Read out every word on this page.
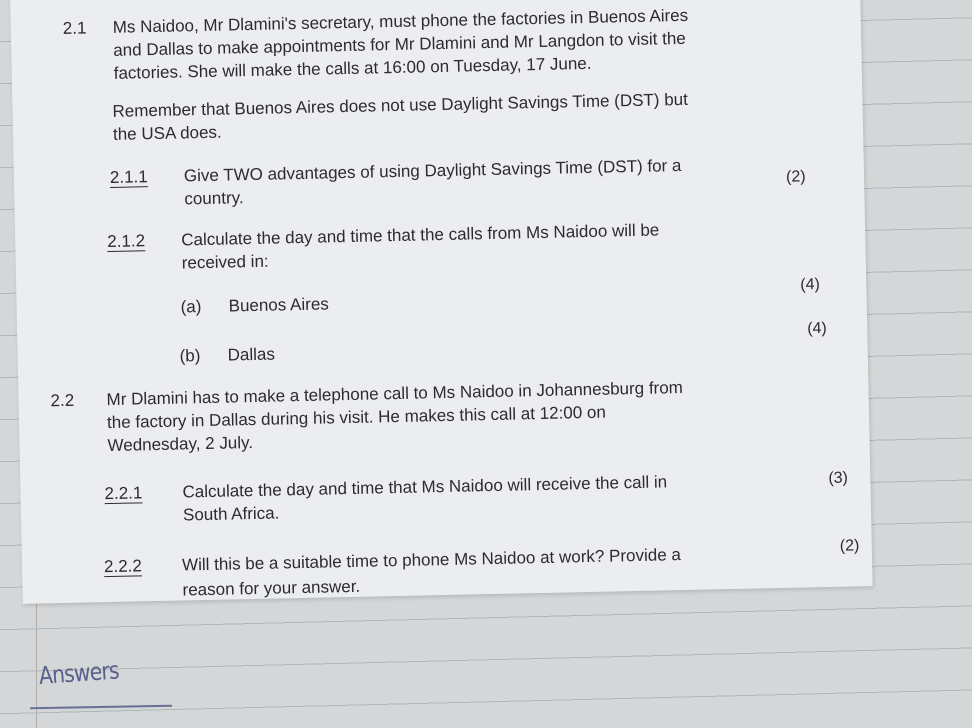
2.1 Ms Naidoo, Mr Dlamini's secretary, must phone the factories in Buenos Aires
and Dallas to make appointments for Mr Dlamini and Mr Langdon to visit the
factories. She will make the calls at 16:00 on Tuesday, 17 June.
Remember that Buenos Aires does not use Daylight Savings Time (DST) but
the USA does.
2.1.1 Give TWO advantages of using Daylight Savings Time (DST) for a
country.
(2)
2.1.2 Calculate the day and time that the calls from Ms Naidoo will be
received in:
(a) Buenos Aires
(4)
(b) Dallas
(4)
2.2 Mr Dlamini has to make a telephone call to Ms Naidoo in Johannesburg from
the factory in Dallas during his visit. He makes this call at 12:00 on
Wednesday, 2 July.
2.2.1 Calculate the day and time that Ms Naidoo will receive the call in
South Africa.
(3)
2.2.2 Will this be a suitable time to phone Ms Naidoo at work? Provide a
reason for your answer.
(2)
Answers
